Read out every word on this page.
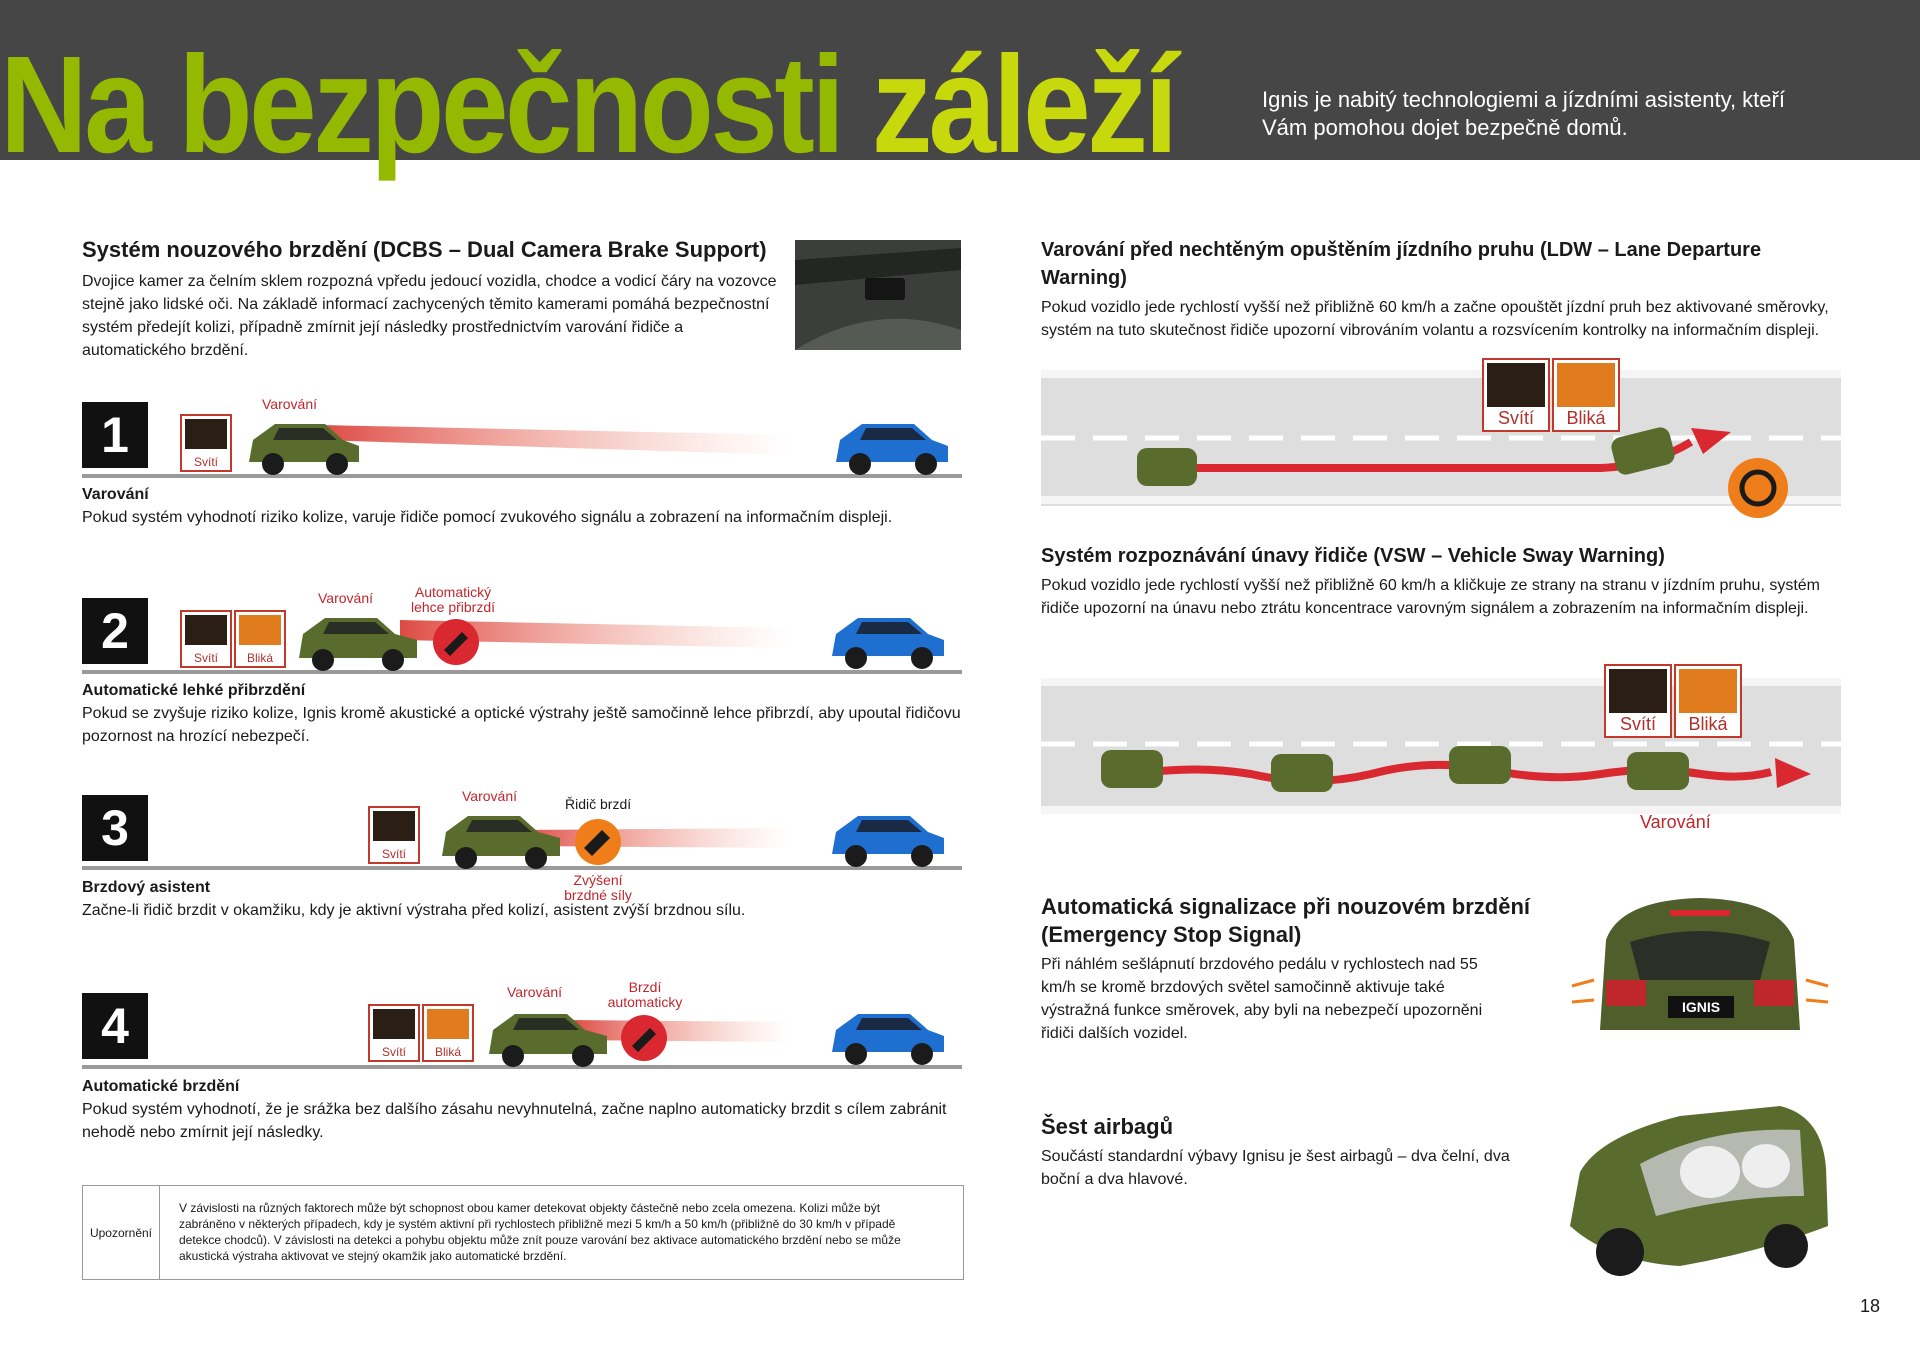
Na bezpečnosti záleží	Ignis je nabitý technologiemi a jízdními asistenty, kteří Vám pomohou dojet bezpečně domů.
Systém nouzového brzdění (DCBS – Dual Camera Brake Support)

Dvojice kamer za čelním sklem rozpozná vpředu jedoucí vozidla, chodce a vodicí čáry na vozovce stejně jako lidské oči. Na základě informací zachycených těmito kamerami pomáhá bezpečnostní systém předejít kolizi, případně zmírnit její následky prostřednictvím varování řidiče a automatického brzdění.

1
2
3
4
Svítí
Svítí	Bliká
Svítí
Svítí	Bliká
Varování
Varování
Varování
Varování
Automatický lehce přibrzdí
Řidič brzdí
Zvýšení brzdné síly
Brzdí automaticky
Varování

Pokud systém vyhodnotí riziko kolize, varuje řidiče pomocí zvukového signálu a zobrazení na informačním displeji.

Automatické lehké přibrzdění

Pokud se zvyšuje riziko kolize, Ignis kromě akustické a optické výstrahy ještě samočinně lehce přibrzdí, aby upoutal řidičovu pozornost na hrozící nebezpečí.

Brzdový asistent

Začne-li řidič brzdit v okamžiku, kdy je aktivní výstraha před kolizí, asistent zvýší brzdnou sílu.

Automatické brzdění

Pokud systém vyhodnotí, že je srážka bez dalšího zásahu nevyhnutelná, začne naplno automaticky brzdit s cílem zabránit nehodě nebo zmírnit její následky.

Upozornění
V závislosti na různých faktorech může být schopnost obou kamer detekovat objekty částečně nebo zcela omezena. Kolizi může být zabráněno v některých případech, kdy je systém aktivní při rychlostech přibližně mezi 5 km/h a 50 km/h (přibližně do 30 km/h v případě detekce chodců). V závislosti na detekci a pohybu objektu může znít pouze varování bez aktivace automatického brzdění nebo se může akustická výstraha aktivovat ve stejný okamžik jako automatické brzdění.
Varování před nechtěným opuštěním jízdního pruhu (LDW – Lane Departure Warning)

Pokud vozidlo jede rychlostí vyšší než přibližně 60 km/h a začne opouštět jízdní pruh bez aktivované směrovky, systém na tuto skutečnost řidiče upozorní vibrováním volantu a rozsvícením kontrolky na informačním displeji.

Svítí	Bliká
Systém rozpoznávání únavy řidiče (VSW – Vehicle Sway Warning)

Pokud vozidlo jede rychlostí vyšší než přibližně 60 km/h a kličkuje ze strany na stranu v jízdním pruhu, systém řidiče upozorní na únavu nebo ztrátu koncentrace varovným signálem a zobrazením na informačním displeji.

Svítí	Bliká
Varování
Automatická signalizace při nouzovém brzdění
(Emergency Stop Signal)

Při náhlém sešlápnutí brzdového pedálu v rychlostech nad 55 km/h se kromě brzdových světel samočinně aktivuje také výstražná funkce směrovek, aby byli na nebezpečí upozorněni řidiči dalších vozidel.

IGNIS
Šest airbagů

Součástí standardní výbavy Ignisu je šest airbagů – dva čelní, dva boční a dva hlavové.

18
